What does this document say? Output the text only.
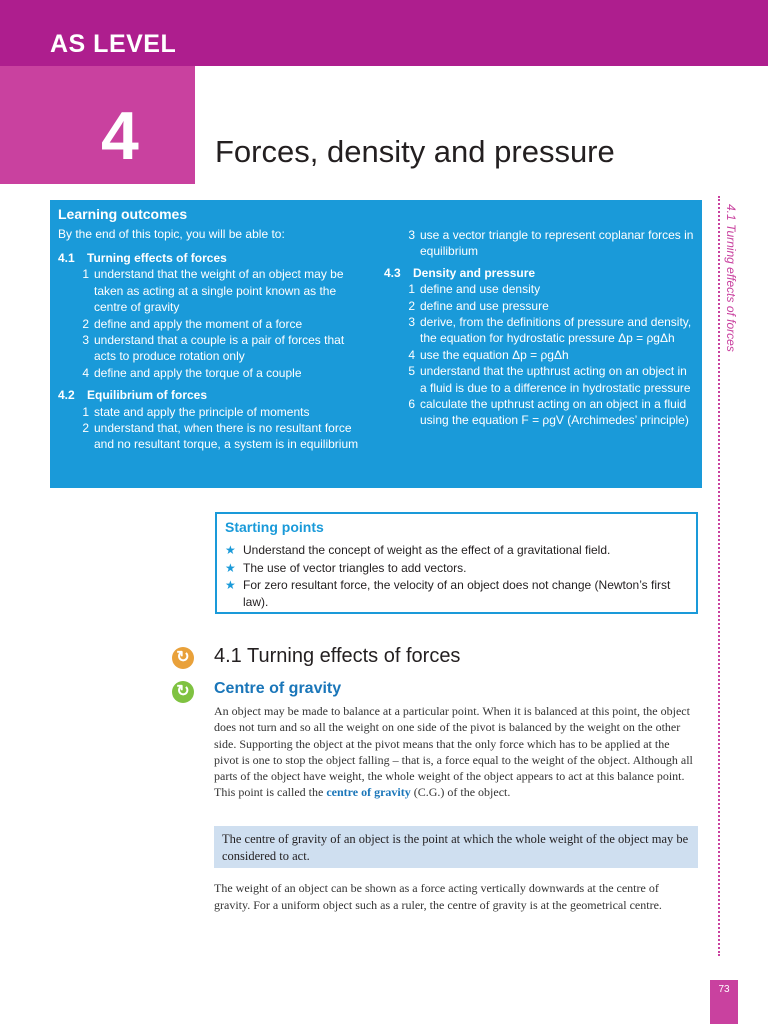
AS LEVEL
4 Forces, density and pressure
4.1 Turning effects of forces
73
Learning outcomes
By the end of this topic, you will be able to:
4.1 Turning effects of forces
1 understand that the weight of an object may be taken as acting at a single point known as the centre of gravity
2 define and apply the moment of a force
3 understand that a couple is a pair of forces that acts to produce rotation only
4 define and apply the torque of a couple
4.2 Equilibrium of forces
1 state and apply the principle of moments
2 understand that, when there is no resultant force and no resultant torque, a system is in equilibrium
3 use a vector triangle to represent coplanar forces in equilibrium
4.3 Density and pressure
1 define and use density
2 define and use pressure
3 derive, from the definitions of pressure and density, the equation for hydrostatic pressure Δp = ρgΔh
4 use the equation Δp = ρgΔh
5 understand that the upthrust acting on an object in a fluid is due to a difference in hydrostatic pressure
6 calculate the upthrust acting on an object in a fluid using the equation F = ρgV (Archimedes’ principle)
Starting points
★ Understand the concept of weight as the effect of a gravitational field.
★ The use of vector triangles to add vectors.
★ For zero resultant force, the velocity of an object does not change (Newton’s first law).
↻ 4.1 Turning effects of forces
↻ Centre of gravity
An object may be made to balance at a particular point. When it is balanced at this point, the object does not turn and so all the weight on one side of the pivot is balanced by the weight on the other side. Supporting the object at the pivot means that the only force which has to be applied at the pivot is one to stop the object falling – that is, a force equal to the weight of the object. Although all parts of the object have weight, the whole weight of the object appears to act at this balance point. This point is called the centre of gravity (C.G.) of the object.
The centre of gravity of an object is the point at which the whole weight of the object may be considered to act.
The weight of an object can be shown as a force acting vertically downwards at the centre of gravity. For a uniform object such as a ruler, the centre of gravity is at the geometrical centre.
